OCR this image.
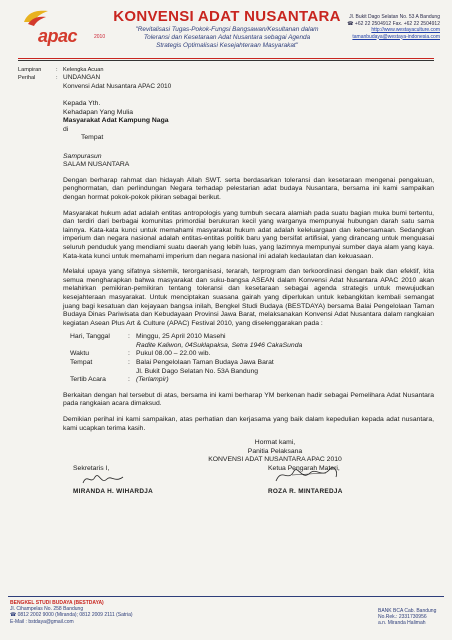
apac	2010
KONVENSI ADAT NUSANTARA
"Revitalisasi Tugas-Pokok-Fungsi Bangsawan/Kesultanan dalam
Toleransi dan Kesetaraan Adat Nusantara sebagai Agenda
Strategis Optimalisasi Kesejahteraan Masyarakat"
Jl. Bukit Dago Selatan No. 53 A Bandung
☎ +62 22 2504912 Fax. +62 22 2504912
http://www.westayaculture.com
tamanbudaya@westaya-indonesia.com
Lampiran	: Kelengka Acuan
Perihal	: UNDANGAN
Konvensi Adat Nusantara APAC 2010
Kepada Yth.
Kehadapan Yang Mulia
Masyarakat Adat Kampung Naga
di
Tempat
Sampurasun
SALAM NUSANTARA
Dengan berharap rahmat dan hidayah Allah SWT. serta berdasarkan toleransi dan kesetaraan mengenai pengakuan, penghormatan, dan perlindungan Negara terhadap pelestarian adat budaya Nusantara, bersama ini kami sampaikan dengan hormat pokok-pokok pikiran sebagai berikut.
Masyarakat hukum adat adalah entitas antropologis yang tumbuh secara alamiah pada suatu bagian muka bumi tertentu, dan terdiri dari berbagai komunitas primordial berukuran kecil yang warganya mempunyai hubungan darah satu sama lainnya. Kata-kata kunci untuk memahami masyarakat hukum adat adalah keleluargaan dan kebersamaan. Sedangkan imperium dan negara nasional adalah entitas-entitas politik baru yang bersifat artifisial, yang dirancang untuk menguasai seluruh penduduk yang mendiami suatu daerah yang lebih luas, yang lazimnya mempunyai sumber daya alam yang kaya. Kata-kata kunci untuk memahami imperium dan negara nasional ini adalah kedaulatan dan kekuasaan.
Melalui upaya yang sifatnya sistemik, terorganisasi, terarah, terprogram dan terkoordinasi dengan baik dan efektif, kita semua mengharapkan bahwa masyarakat dan suku-bangsa ASEAN dalam Konvensi Adat Nusantara APAC 2010 akan melahirkan pemikiran-pemikiran tentang toleransi dan kesetaraan sebagai agenda strategis untuk mewujudkan kesejahteraan masyarakat. Untuk menciptakan suasana gairah yang diperlukan untuk kebangkitan kembali semangat juang bagi kesatuan dan kejayaan bangsa inilah, Bengkel Studi Budaya (BESTDAYA) bersama Balai Pengelolaan Taman Budaya Dinas Pariwisata dan Kebudayaan Provinsi Jawa Barat, melaksanakan Konvensi Adat Nusantara dalam rangkaian kegiatan Asean Plus Art & Culture (APAC) Festival 2010, yang diselenggarakan pada :
Hari, Tanggal	: Minggu, 25 April 2010 Masehi
Radite Kaliwon, 04Suklapaksa, Setra 1946 CakaSunda
Waktu	: Pukul 08.00 – 22.00 wib.
Tempat	: Balai Pengelolaan Taman Budaya Jawa Barat
Jl. Bukit Dago Selatan No. 53A Bandung
Tertib Acara	: (Terlampir)
Berkaitan dengan hal tersebut di atas, bersama ini kami berharap YM berkenan hadir sebagai Pemelihara Adat Nusantara pada rangkaian acara dimaksud.
Demikian perihal ini kami sampaikan, atas perhatian dan kerjasama yang baik dalam kepedulian kepada adat nusantara, kami ucapkan terima kasih.
Hormat kami,
Panitia Pelaksana
KONVENSI ADAT NUSANTARA APAC 2010
Sekretaris I,
MIRANDA H. WIHARDJA
Ketua Pengarah Materi,
ROZA R. MINTAREDJA
BENGKEL STUDI BUDAYA (BESTDAYA)
Jl. Cihampelas No. 258 Bandung
☎ 0812 2002 9000 (Miranda); 0812 2009 2111 (Satria)
E-Mail : bstdaya@gmail.com
BANK BCA Cab. Bandung
No.Rek.: 2331730956
a.n. Miranda Halimah
